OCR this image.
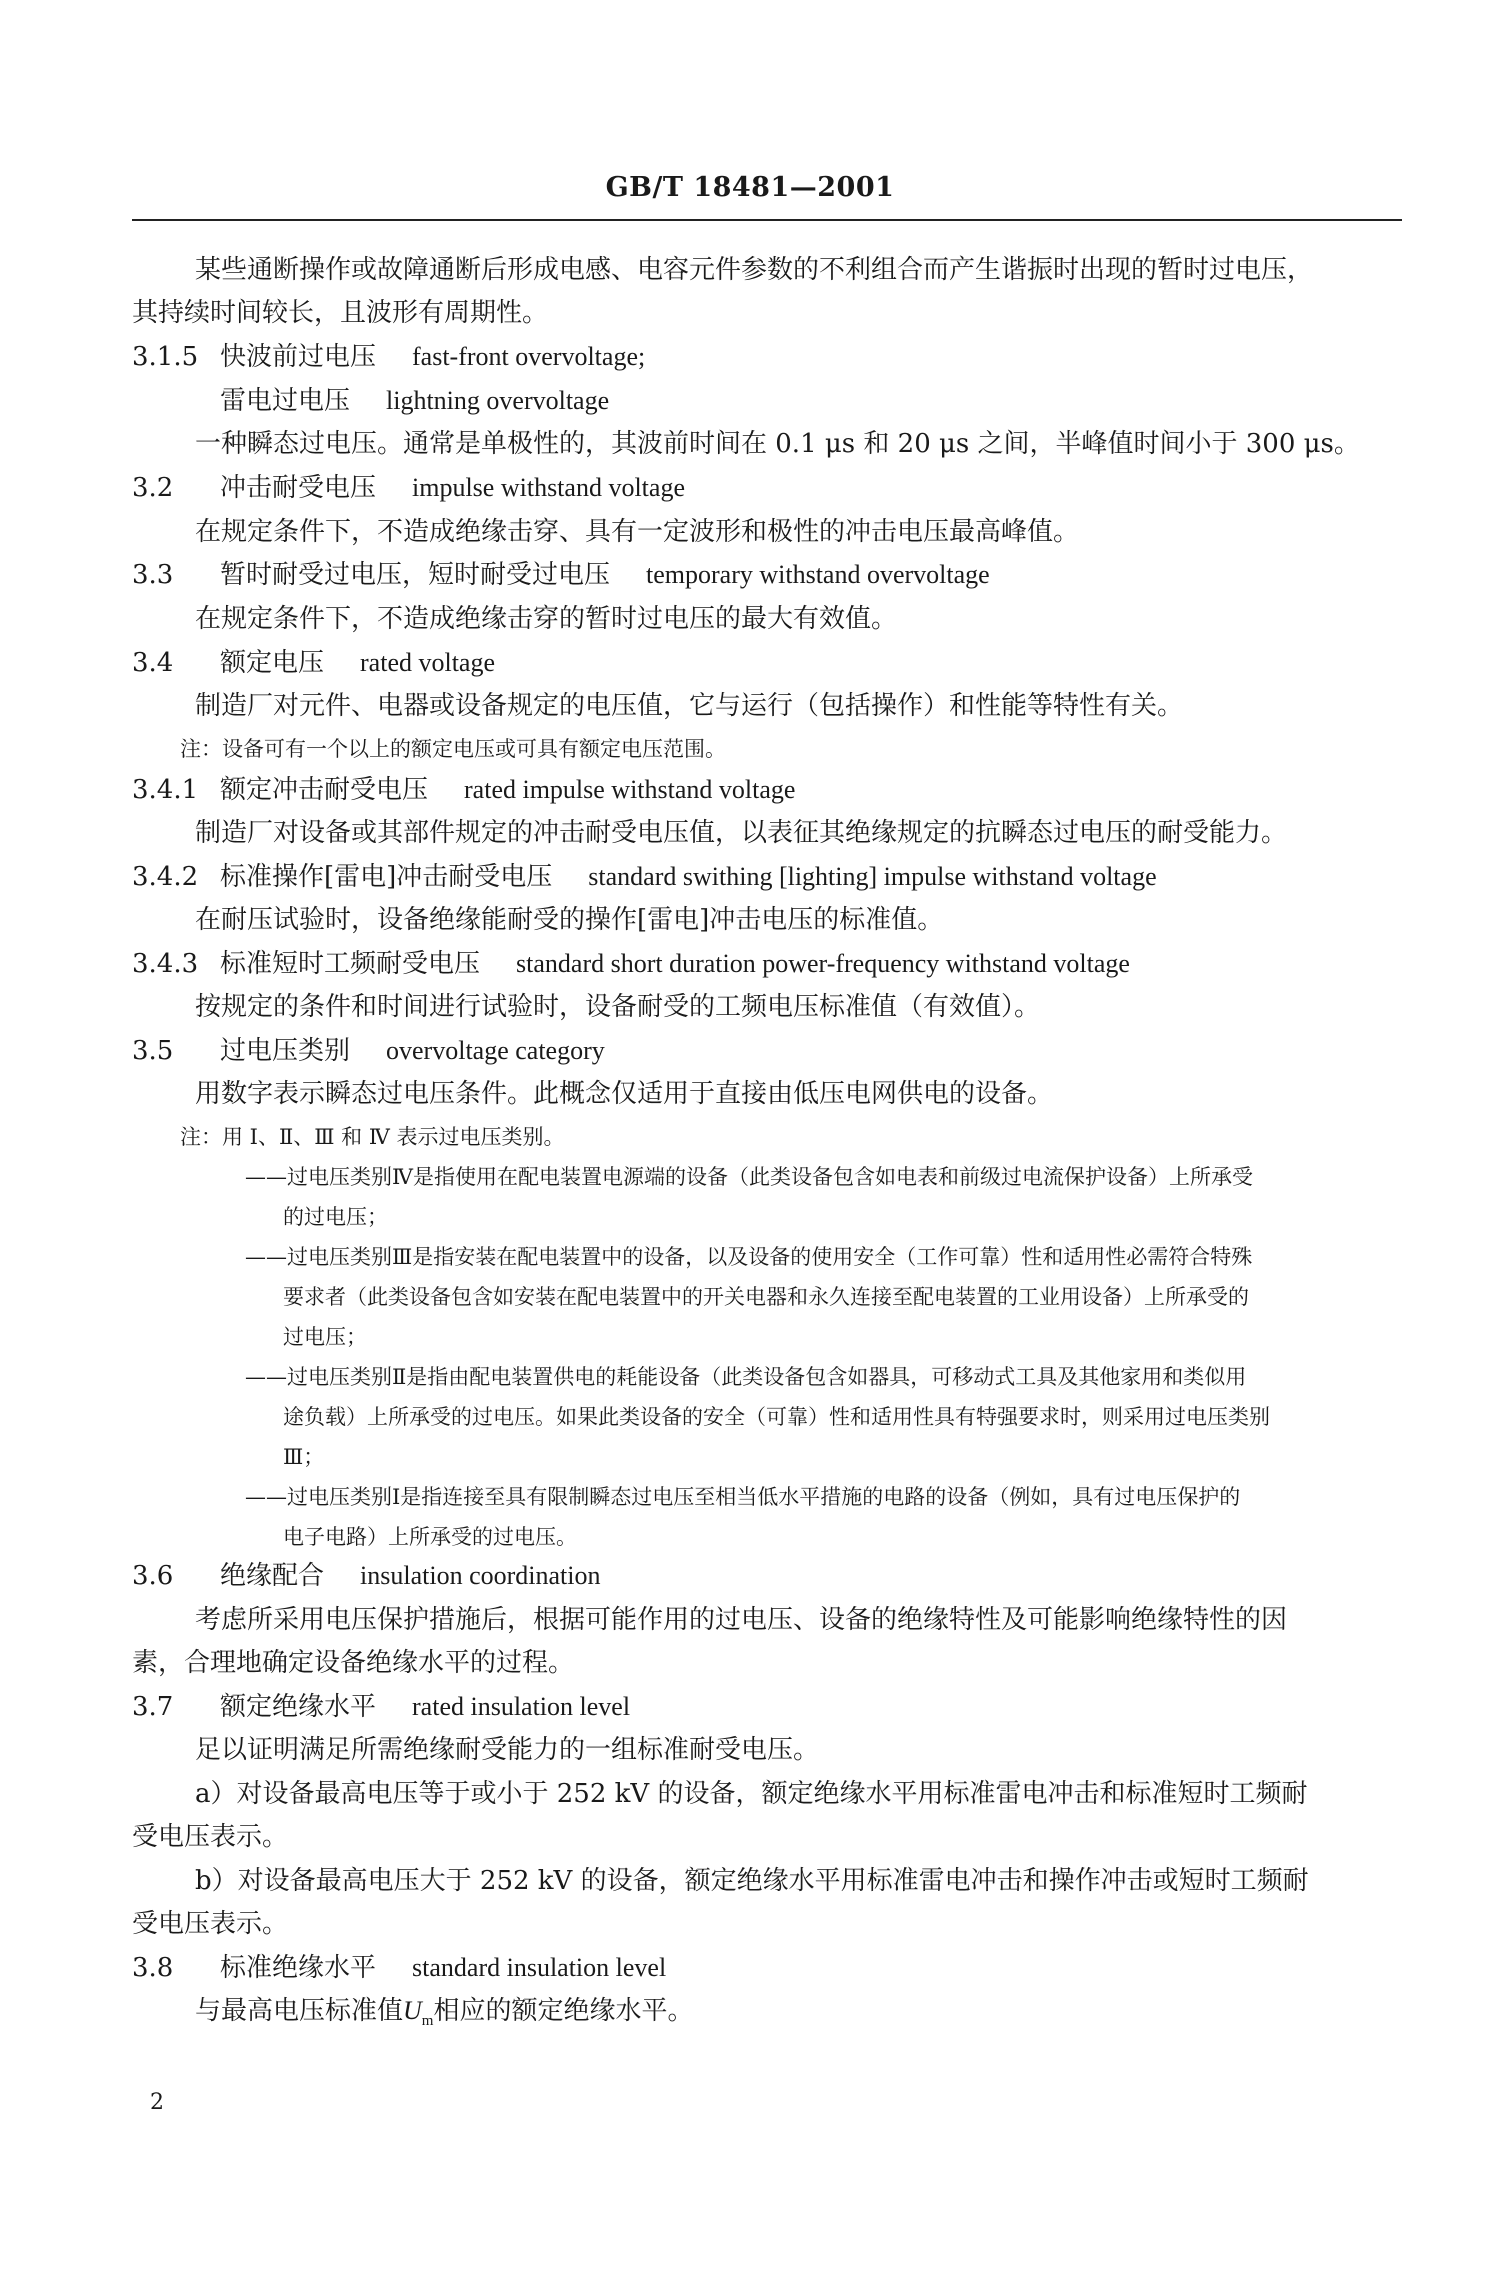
GB/T 18481—2001
某些通断操作或故障通断后形成电感、电容元件参数的不利组合而产生谐振时出现的暂时过电压，
其持续时间较长，且波形有周期性。
3.1.5 快波前过电压 fast-front overvoltage;
雷电过电压 lightning overvoltage
一种瞬态过电压。通常是单极性的，其波前时间在 0.1 μs 和 20 μs 之间，半峰值时间小于 300 μs。
3.2 冲击耐受电压 impulse withstand voltage
在规定条件下，不造成绝缘击穿、具有一定波形和极性的冲击电压最高峰值。
3.3 暂时耐受过电压，短时耐受过电压 temporary withstand overvoltage
在规定条件下，不造成绝缘击穿的暂时过电压的最大有效值。
3.4 额定电压 rated voltage
制造厂对元件、电器或设备规定的电压值，它与运行（包括操作）和性能等特性有关。
注：设备可有一个以上的额定电压或可具有额定电压范围。
3.4.1 额定冲击耐受电压 rated impulse withstand voltage
制造厂对设备或其部件规定的冲击耐受电压值，以表征其绝缘规定的抗瞬态过电压的耐受能力。
3.4.2 标准操作[雷电]冲击耐受电压 standard swithing [lighting] impulse withstand voltage
在耐压试验时，设备绝缘能耐受的操作[雷电]冲击电压的标准值。
3.4.3 标准短时工频耐受电压 standard short duration power-frequency withstand voltage
按规定的条件和时间进行试验时，设备耐受的工频电压标准值（有效值）。
3.5 过电压类别 overvoltage category
用数字表示瞬态过电压条件。此概念仅适用于直接由低压电网供电的设备。
注：用 Ⅰ、Ⅱ、Ⅲ 和 Ⅳ 表示过电压类别。
——过电压类别Ⅳ是指使用在配电装置电源端的设备（此类设备包含如电表和前级过电流保护设备）上所承受
的过电压；
——过电压类别Ⅲ是指安装在配电装置中的设备，以及设备的使用安全（工作可靠）性和适用性必需符合特殊
要求者（此类设备包含如安装在配电装置中的开关电器和永久连接至配电装置的工业用设备）上所承受的
过电压；
——过电压类别Ⅱ是指由配电装置供电的耗能设备（此类设备包含如器具，可移动式工具及其他家用和类似用
途负载）上所承受的过电压。如果此类设备的安全（可靠）性和适用性具有特强要求时，则采用过电压类别
Ⅲ；
——过电压类别Ⅰ是指连接至具有限制瞬态过电压至相当低水平措施的电路的设备（例如，具有过电压保护的
电子电路）上所承受的过电压。
3.6 绝缘配合 insulation coordination
考虑所采用电压保护措施后，根据可能作用的过电压、设备的绝缘特性及可能影响绝缘特性的因
素，合理地确定设备绝缘水平的过程。
3.7 额定绝缘水平 rated insulation level
足以证明满足所需绝缘耐受能力的一组标准耐受电压。
a）对设备最高电压等于或小于 252 kV 的设备，额定绝缘水平用标准雷电冲击和标准短时工频耐
受电压表示。
b）对设备最高电压大于 252 kV 的设备，额定绝缘水平用标准雷电冲击和操作冲击或短时工频耐
受电压表示。
3.8 标准绝缘水平 standard insulation level
与最高电压标准值$U_m$相应的额定绝缘水平。
2
